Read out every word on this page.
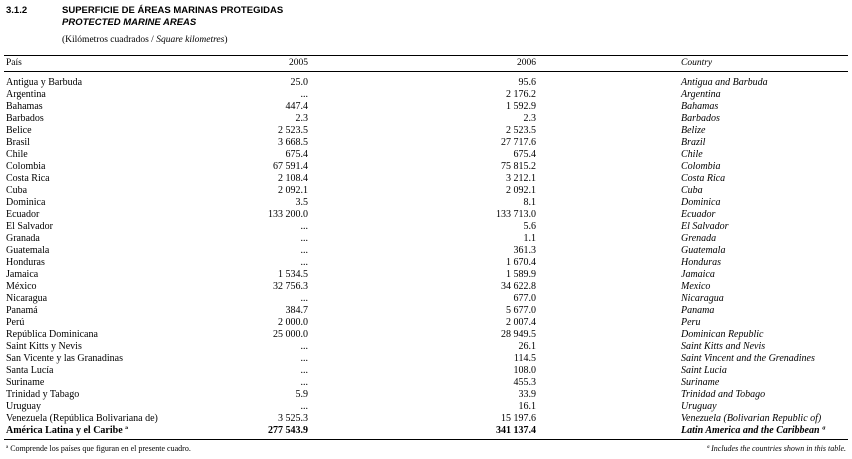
3.1.2	SUPERFICIE DE ÁREAS MARINAS PROTEGIDAS
PROTECTED MARINE AREAS
(Kilómetros cuadrados / Square kilometres)
País	2005	2006	Country
Antigua y Barbuda	25.0	95.6	Antigua and Barbuda
Argentina	...	2 176.2	Argentina
Bahamas	447.4	1 592.9	Bahamas
Barbados	2.3	2.3	Barbados
Belice	2 523.5	2 523.5	Belize
Brasil	3 668.5	27 717.6	Brazil
Chile	675.4	675.4	Chile
Colombia	67 591.4	75 815.2	Colombia
Costa Rica	2 108.4	3 212.1	Costa Rica
Cuba	2 092.1	2 092.1	Cuba
Dominica	3.5	8.1	Dominica
Ecuador	133 200.0	133 713.0	Ecuador
El Salvador	...	5.6	El Salvador
Granada	...	1.1	Grenada
Guatemala	...	361.3	Guatemala
Honduras	...	1 670.4	Honduras
Jamaica	1 534.5	1 589.9	Jamaica
México	32 756.3	34 622.8	Mexico
Nicaragua	...	677.0	Nicaragua
Panamá	384.7	5 677.0	Panama
Perú	2 000.0	2 007.4	Peru
República Dominicana	25 000.0	28 949.5	Dominican Republic
Saint Kitts y Nevis	...	26.1	Saint Kitts and Nevis
San Vicente y las Granadinas	...	114.5	Saint Vincent and the Grenadines
Santa Lucía	...	108.0	Saint Lucia
Suriname	...	455.3	Suriname
Trinidad y Tabago	5.9	33.9	Trinidad and Tobago
Uruguay	...	16.1	Uruguay
Venezuela (República Bolivariana de)	3 525.3	15 197.6	Venezuela (Bolivarian Republic of)
América Latina y el Caribe ª	277 543.9	341 137.4	Latin America and the Caribbean ª
ª Comprende los países que figuran en el presente cuadro.	ª Includes the countries shown in this table.
